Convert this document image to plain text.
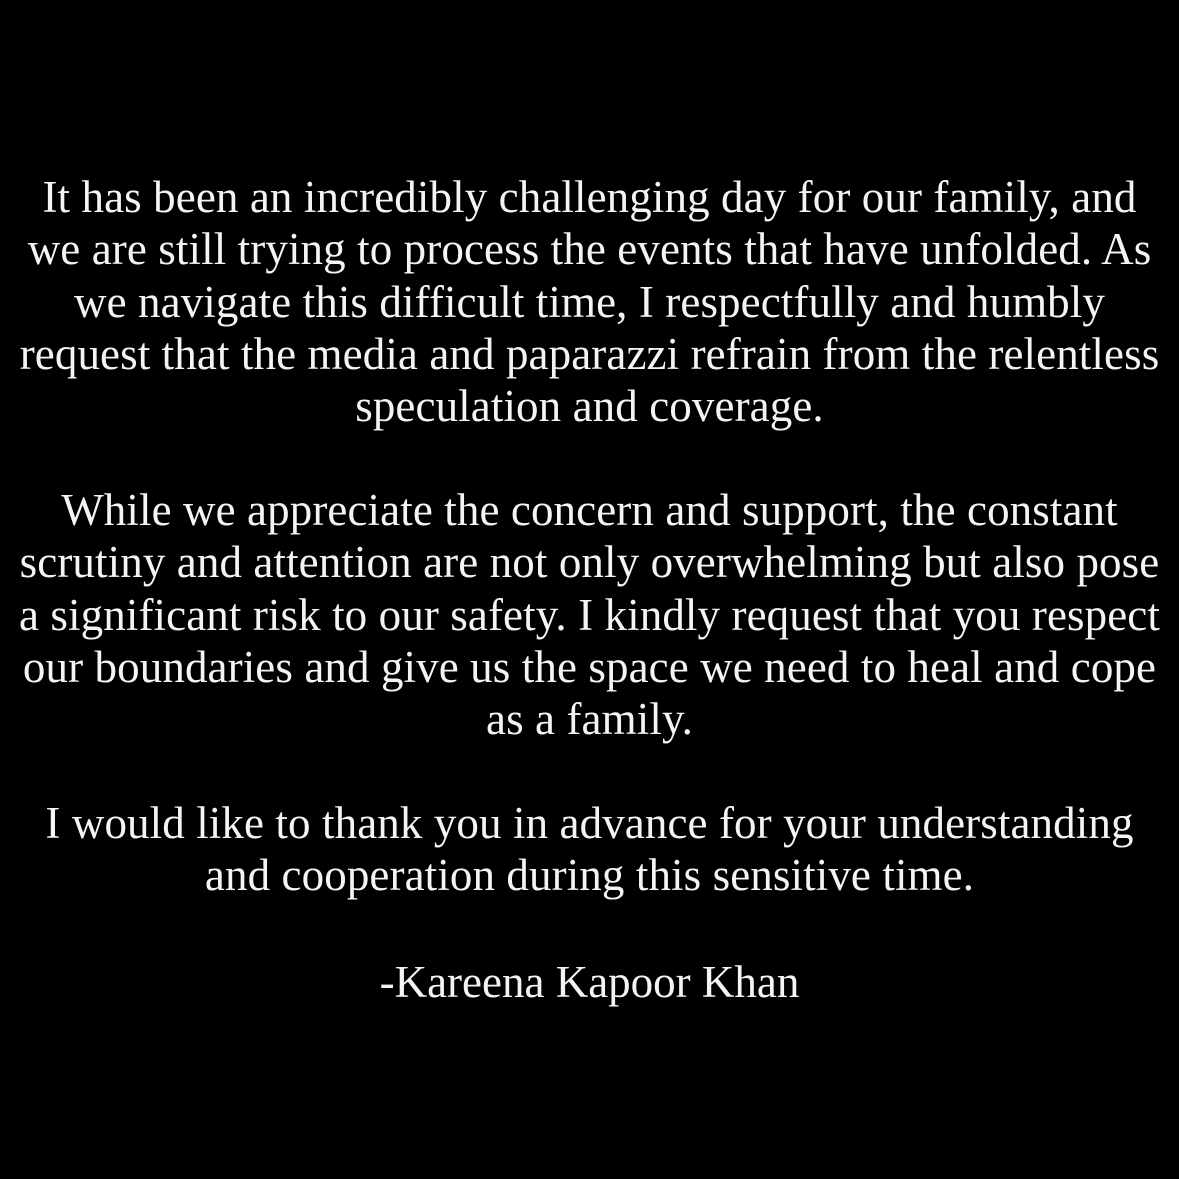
It has been an incredibly challenging day for our family, and we are still trying to process the events that have unfolded. As we navigate this difficult time, I respectfully and humbly request that the media and paparazzi refrain from the relentless speculation and coverage.

While we appreciate the concern and support, the constant scrutiny and attention are not only overwhelming but also pose a significant risk to our safety. I kindly request that you respect our boundaries and give us the space we need to heal and cope as a family.

I would like to thank you in advance for your understanding and cooperation during this sensitive time.

-Kareena Kapoor Khan
